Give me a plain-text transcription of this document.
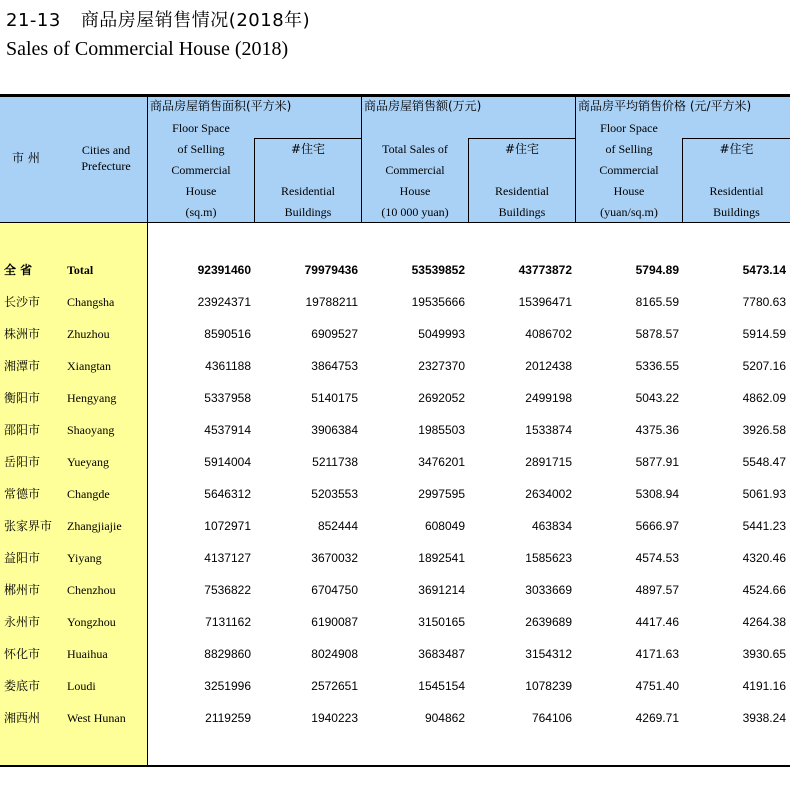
21-13 商品房屋销售情况(2018年)
Sales of Commercial House (2018)
市 州
Cities and
Prefecture
商品房屋销售面积(平方米)
Floor Space
of Selling
Commercial
House
(sq.m)
#住宅
Residential
Buildings
商品房屋销售额(万元)
Total Sales of
Commercial
House
(10 000 yuan)
#住宅
Residential
Buildings
商品房平均销售价格 (元/平方米)
Floor Space
of Selling
Commercial
House
(yuan/sq.m)
#住宅
Residential
Buildings
全 省	Total	92391460	79979436	53539852	43773872	5794.89	5473.14
长沙市 Changsha	23924371	19788211	19535666	15396471	8165.59	7780.63
株洲市 Zhuzhou	8590516	6909527	5049993	4086702	5878.57	5914.59
湘潭市 Xiangtan	4361188	3864753	2327370	2012438	5336.55	5207.16
衡阳市 Hengyang	5337958	5140175	2692052	2499198	5043.22	4862.09
邵阳市 Shaoyang	4537914	3906384	1985503	1533874	4375.36	3926.58
岳阳市 Yueyang	5914004	5211738	3476201	2891715	5877.91	5548.47
常德市 Changde	5646312	5203553	2997595	2634002	5308.94	5061.93
张家界市 Zhangjiajie	1072971	852444	608049	463834	5666.97	5441.23
益阳市 Yiyang	4137127	3670032	1892541	1585623	4574.53	4320.46
郴州市 Chenzhou	7536822	6704750	3691214	3033669	4897.57	4524.66
永州市 Yongzhou	7131162	6190087	3150165	2639689	4417.46	4264.38
怀化市 Huaihua	8829860	8024908	3683487	3154312	4171.63	3930.65
娄底市 Loudi	3251996	2572651	1545154	1078239	4751.40	4191.16
湘西州 West Hunan	2119259	1940223	904862	764106	4269.71	3938.24
